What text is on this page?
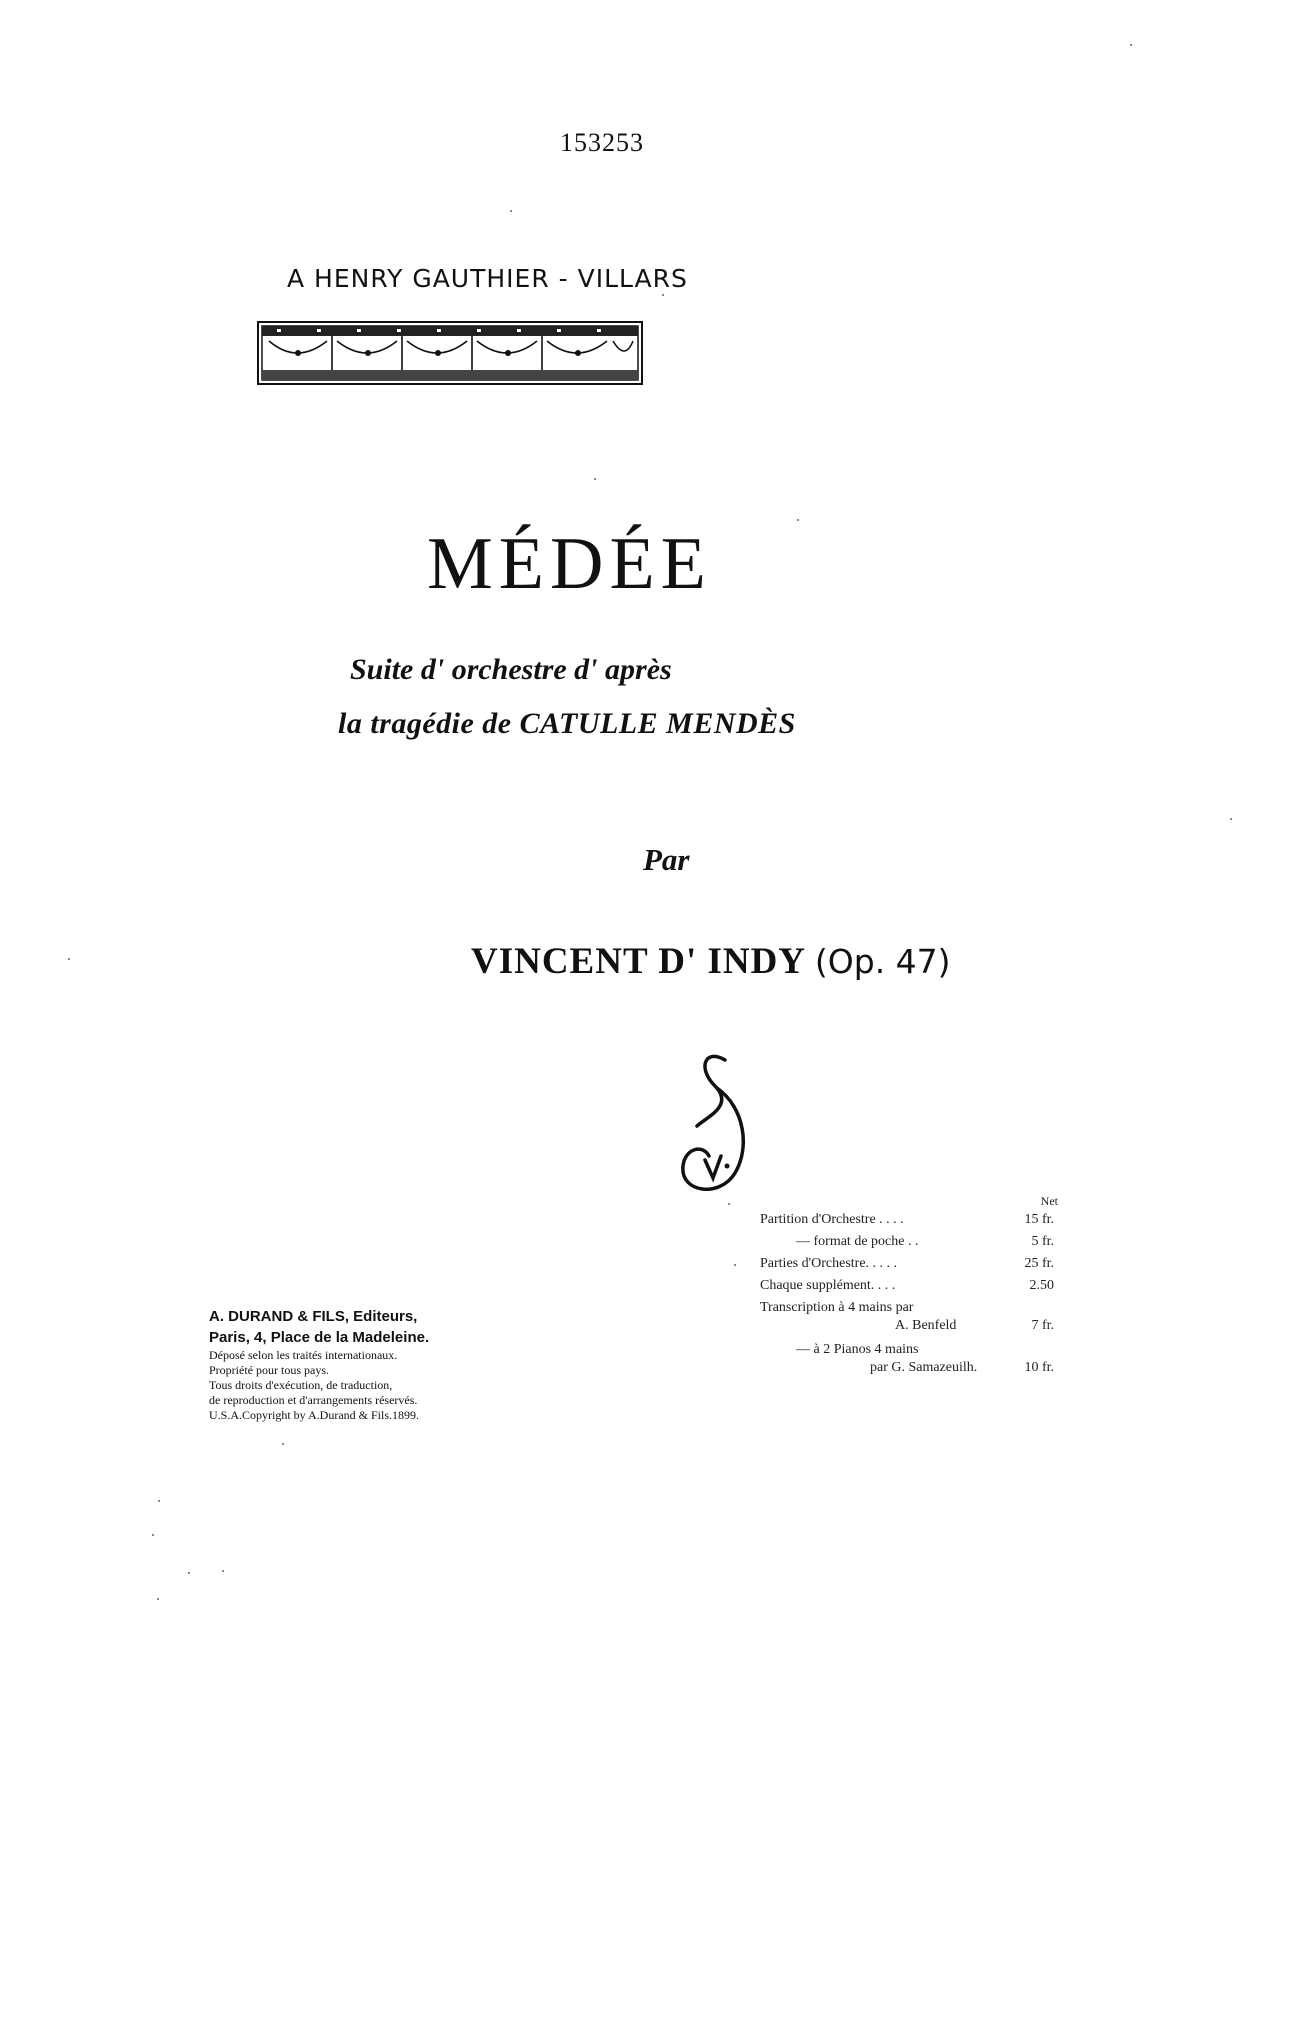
153253
A HENRY GAUTHIER - VILLARS
MÉDÉE
Suite d' orchestre d' après
la tragédie de CATULLE MENDÈS
Par
VINCENT D' INDY (Op. 47)
A. DURAND & FILS, Editeurs,
Paris, 4, Place de la Madeleine.
Déposé selon les traités internationaux.
Propriété pour tous pays.
Tous droits d'exécution, de traduction,
de reproduction et d'arrangements réservés.
U.S.A.Copyright by A.Durand & Fils.1899.
Net
Partition d'Orchestre . . . .	15 fr.
— format de poche . .	5 fr.
Parties d'Orchestre. . . . .	25 fr.
Chaque supplément. . . .	2.50
Transcription à 4 mains par
A. Benfeld	7 fr.
— à 2 Pianos 4 mains
par G. Samazeuilh.	10 fr.
